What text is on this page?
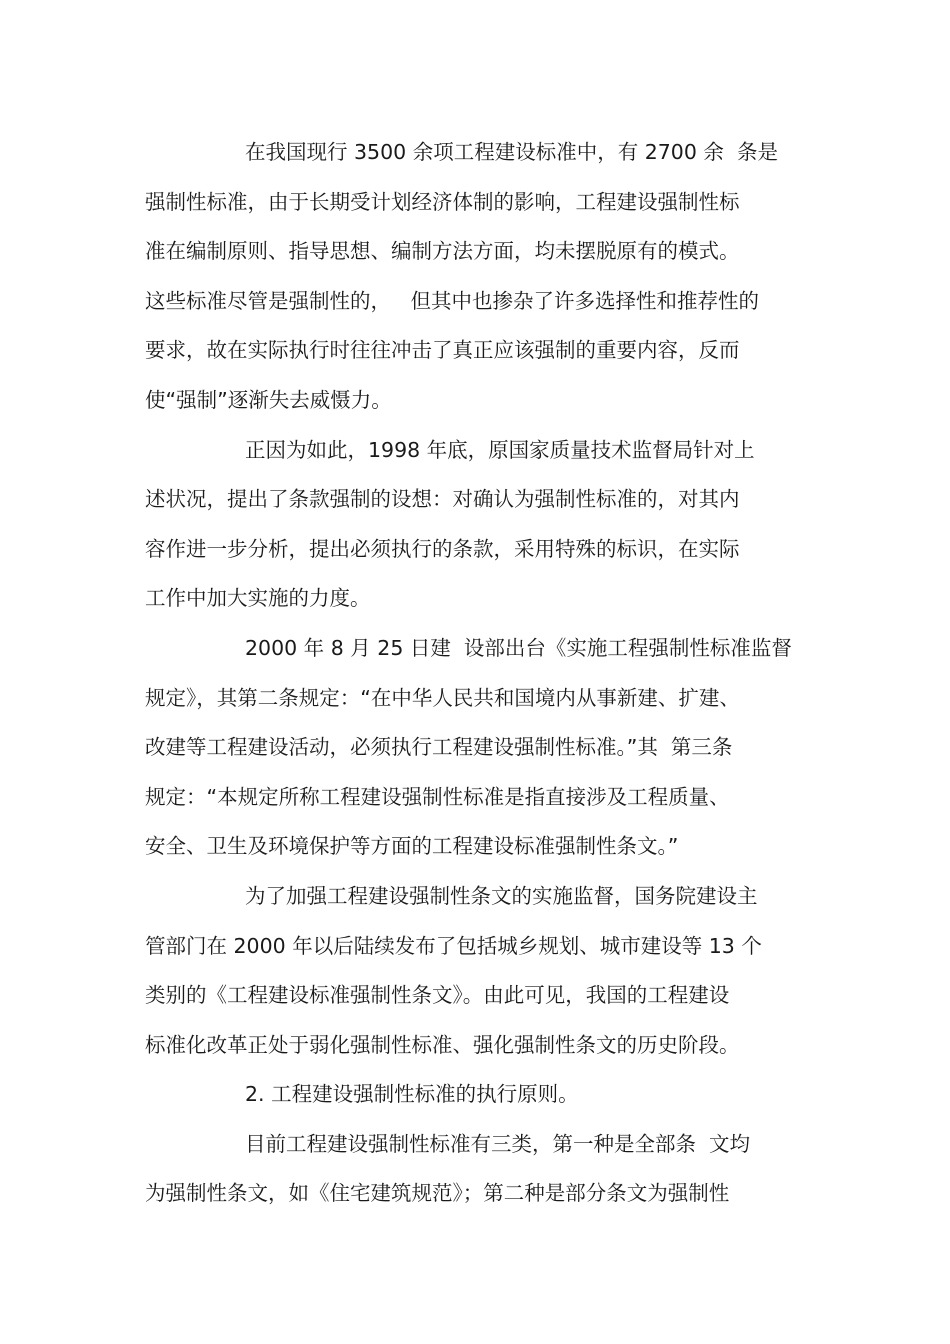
在我国现行 3500 余项工程建设标准中，有 2700 余  条是
强制性标准，由于长期受计划经济体制的影响，工程建设强制性标
准在编制原则、指导思想、编制方法方面，均未摆脱原有的模式。
这些标准尽管是强制性的，   但其中也掺杂了许多选择性和推荐性的
要求，故在实际执行时往往冲击了真正应该强制的重要内容，反而
使“强制”逐渐失去威慑力。
正因为如此，1998 年底，原国家质量技术监督局针对上
述状况，提出了条款强制的设想：对确认为强制性标准的，对其内
容作进一步分析，提出必须执行的条款，采用特殊的标识，在实际
工作中加大实施的力度。
2000 年 8 月 25 日建  设部出台《实施工程强制性标准监督
规定》，其第二条规定：“在中华人民共和国境内从事新建、扩建、
改建等工程建设活动，必须执行工程建设强制性标准。”其  第三条
规定：“本规定所称工程建设强制性标准是指直接涉及工程质量、
安全、卫生及环境保护等方面的工程建设标准强制性条文。”
为了加强工程建设强制性条文的实施监督，国务院建设主
管部门在 2000 年以后陆续发布了包括城乡规划、城市建设等 13 个
类别的《工程建设标准强制性条文》。由此可见，我国的工程建设
标准化改革正处于弱化强制性标准、强化强制性条文的历史阶段。
2. 工程建设强制性标准的执行原则。
目前工程建设强制性标准有三类，第一种是全部条  文均
为强制性条文，如《住宅建筑规范》；第二种是部分条文为强制性
